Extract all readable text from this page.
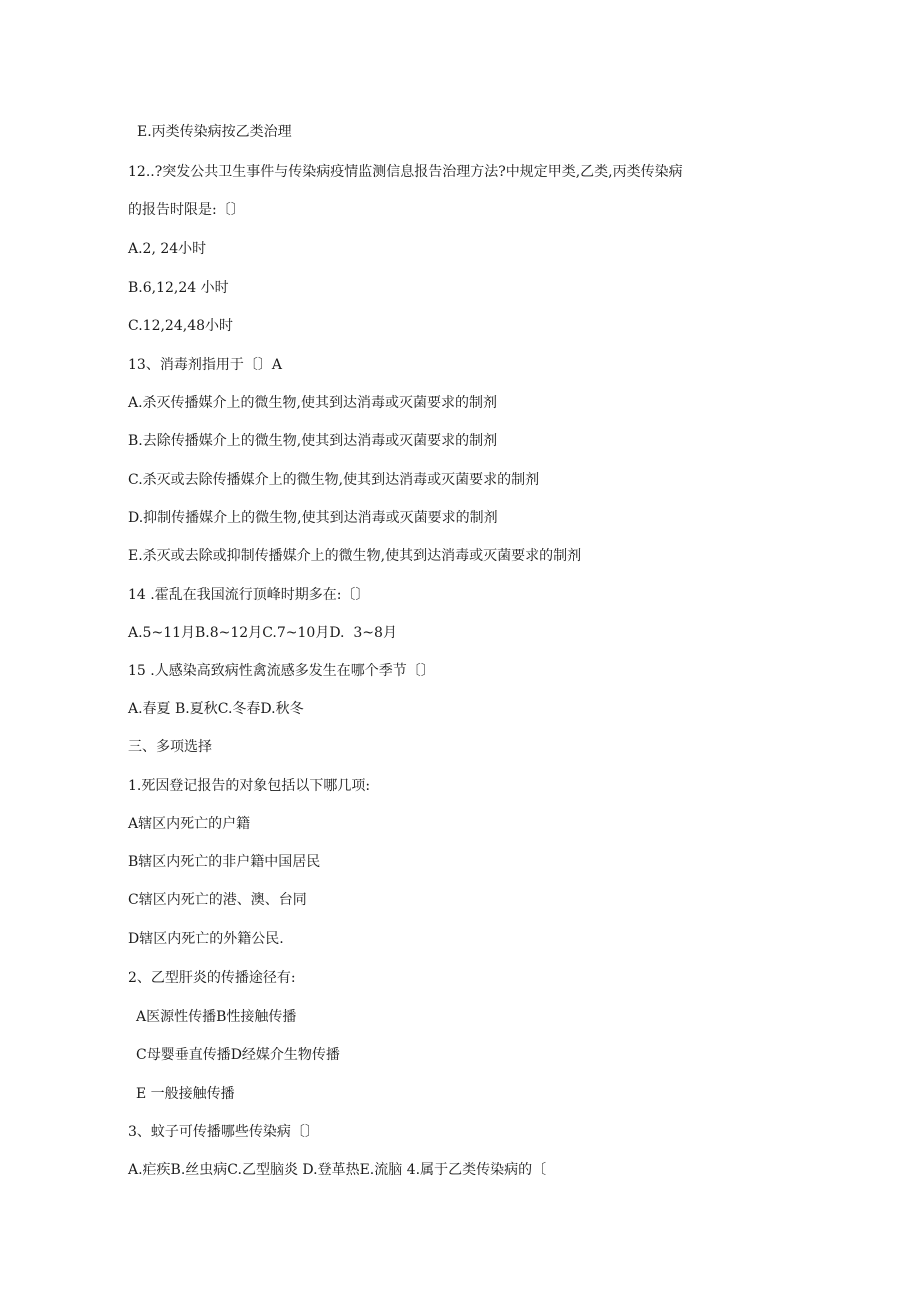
E.丙类传染病按乙类治理
12..?突发公共卫生事件与传染病疫情监测信息报告治理方法?中规定甲类,乙类,丙类传染病
的报告时限是:〔〕
A.2, 24小时
B.6,12,24 小时
C.12,24,48小时
13、消毒剂指用于〔〕A
A.杀灭传播媒介上的微生物,使其到达消毒或灭菌要求的制剂
B.去除传播媒介上的微生物,使其到达消毒或灭菌要求的制剂
C.杀灭或去除传播媒介上的微生物,使其到达消毒或灭菌要求的制剂
D.抑制传播媒介上的微生物,使其到达消毒或灭菌要求的制剂
E.杀灭或去除或抑制传播媒介上的微生物,使其到达消毒或灭菌要求的制剂
14 .霍乱在我国流行顶峰时期多在:〔〕
A.5~11月B.8~12月C.7~10月D.  3~8月
15 .人感染高致病性禽流感多发生在哪个季节〔〕
A.春夏 B.夏秋C.冬春D.秋冬
三、多项选择
1.死因登记报告的对象包括以下哪几项:
A辖区内死亡的户籍
B辖区内死亡的非户籍中国居民
C辖区内死亡的港、澳、台同
D辖区内死亡的外籍公民.
2、乙型肝炎的传播途径有:
A医源性传播B性接触传播
C母婴垂直传播D经媒介生物传播
E 一般接触传播
3、蚊子可传播哪些传染病〔〕
A.疟疾B.丝虫病C.乙型脑炎 D.登革热E.流脑 4.属于乙类传染病的〔
